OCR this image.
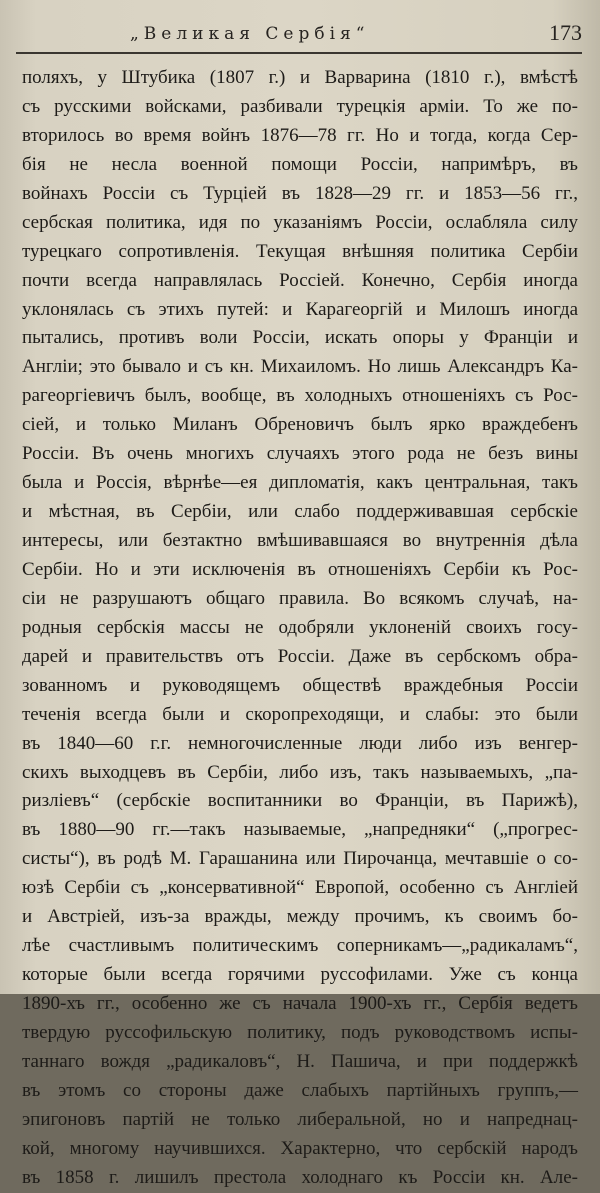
„Великая Сербія“	173
поляхъ, у Штубика (1807 г.) и Варварина (1810 г.), вмѣстѣ
съ русскими войсками, разбивали турецкія арміи. То же по-
вторилось во время войнъ 1876—78 гг. Но и тогда, когда Сер-
бія не несла военной помощи Россіи, напримѣръ, въ
войнахъ Россіи съ Турціей въ 1828—29 гг. и 1853—56 гг.,
сербская политика, идя по указаніямъ Россіи, ослабляла силу
турецкаго сопротивленія. Текущая внѣшняя политика Сербіи
почти всегда направлялась Россіей. Конечно, Сербія иногда
уклонялась съ этихъ путей: и Карагеоргій и Милошъ иногда
пытались, противъ воли Россіи, искать опоры у Франціи и
Англіи; это бывало и съ кн. Михаиломъ. Но лишь Александръ Ка-
рагеоргіевичъ былъ, вообще, въ холодныхъ отношеніяхъ съ Рос-
сіей, и только Миланъ Обреновичъ былъ ярко враждебенъ
Россіи. Въ очень многихъ случаяхъ этого рода не безъ вины
была и Россія, вѣрнѣе—ея дипломатія, какъ центральная, такъ
и мѣстная, въ Сербіи, или слабо поддерживавшая сербскіе
интересы, или безтактно вмѣшивавшаяся во внутреннія дѣла
Сербіи. Но и эти исключенія въ отношеніяхъ Сербіи къ Рос-
сіи не разрушаютъ общаго правила. Во всякомъ случаѣ, на-
родныя сербскія массы не одобряли уклоненій своихъ госу-
дарей и правительствъ отъ Россіи. Даже въ сербскомъ обра-
зованномъ и руководящемъ обществѣ враждебныя Россіи
теченія всегда были и скоропреходящи, и слабы: это были
въ 1840—60 г.г. немногочисленные люди либо изъ венгер-
скихъ выходцевъ въ Сербіи, либо изъ, такъ называемыхъ, „па-
ризліевъ“ (сербскіе воспитанники во Франціи, въ Парижѣ),
въ 1880—90 гг.—такъ называемые, „напредняки“ („прогрес-
систы“), въ родѣ М. Гарашанина или Пирочанца, мечтавшіе о со-
юзѣ Сербіи съ „консервативной“ Европой, особенно съ Англіей
и Австріей, изъ-за вражды, между прочимъ, къ своимъ бо-
лѣе счастливымъ политическимъ соперникамъ—„радикаламъ“,
которые были всегда горячими руссофилами. Уже съ конца
1890-хъ гг., особенно же съ начала 1900-хъ гг., Сербія ведетъ
твердую руссофильскую политику, подъ руководствомъ испы-
таннаго вождя „радикаловъ“, Н. Пашича, и при поддержкѣ
въ этомъ со стороны даже слабыхъ партійныхъ группъ,—
эпигоновъ партій не только либеральной, но и напреднац-
кой, многому научившихся. Характерно, что сербскій народъ
въ 1858 г. лишилъ престола холоднаго къ Россіи кн. Але-
